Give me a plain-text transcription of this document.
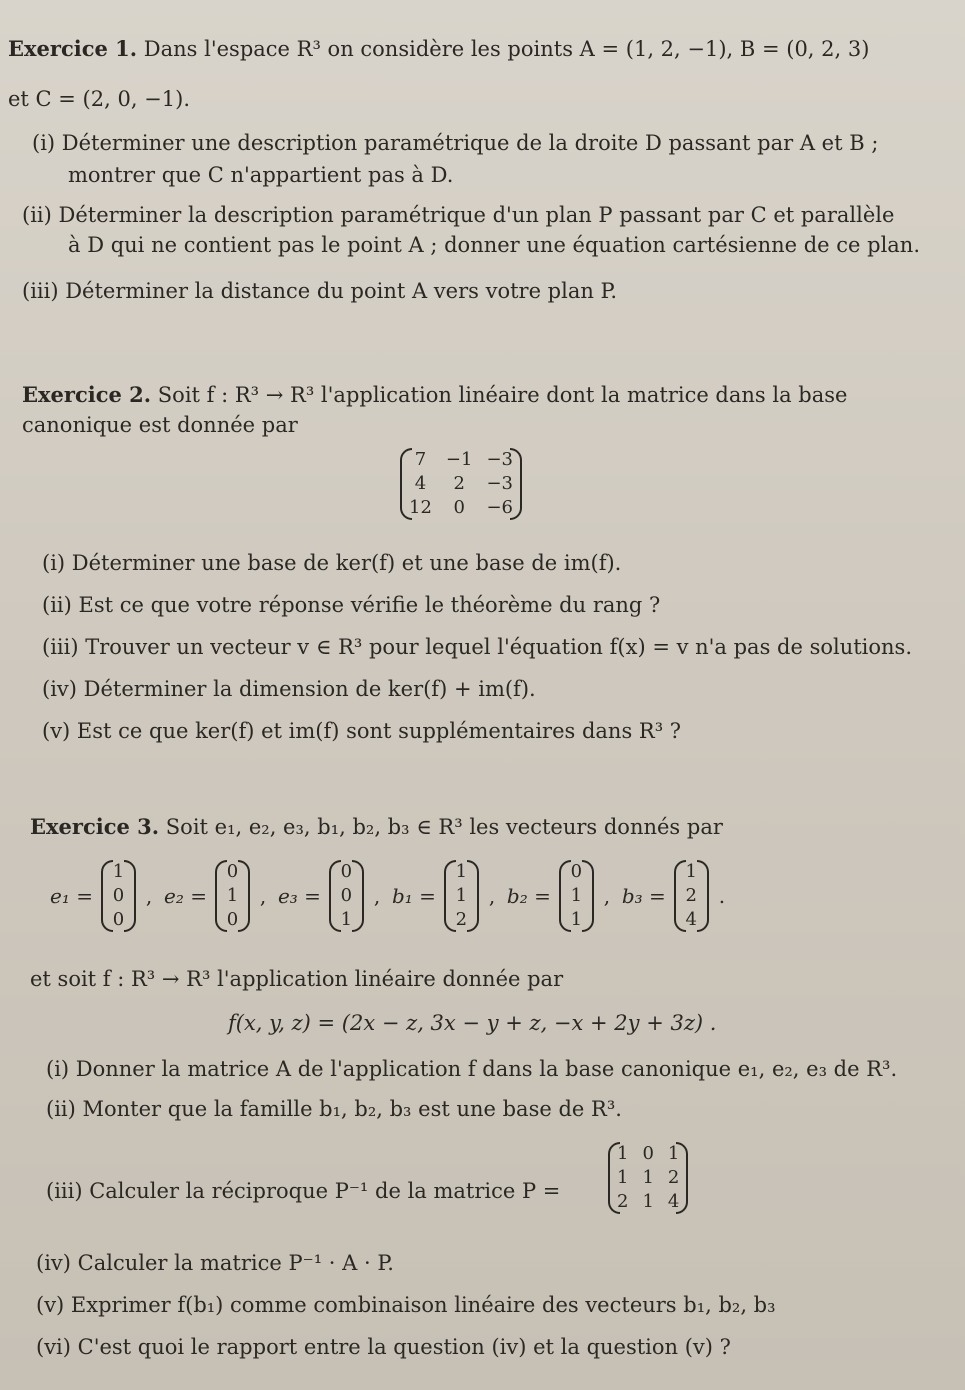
Exercice 1. Dans l'espace R³ on considère les points A = (1, 2, −1), B = (0, 2, 3)
et C = (2, 0, −1).
(i) Déterminer une description paramétrique de la droite D passant par A et B ;
montrer que C n'appartient pas à D.
(ii) Déterminer la description paramétrique d'un plan P passant par C et parallèle
à D qui ne contient pas le point A ; donner une équation cartésienne de ce plan.
(iii) Déterminer la distance du point A vers votre plan P.
Exercice 2. Soit f : R³ → R³ l'application linéaire dont la matrice dans la base
canonique est donnée par
7	−1	−3
4	2	−3
12	0	−6
(i) Déterminer une base de ker(f) et une base de im(f).
(ii) Est ce que votre réponse vérifie le théorème du rang ?
(iii) Trouver un vecteur v ∈ R³ pour lequel l'équation f(x) = v n'a pas de solutions.
(iv) Déterminer la dimension de ker(f) + im(f).
(v) Est ce que ker(f) et im(f) sont supplémentaires dans R³ ?
Exercice 3. Soit e₁, e₂, e₃, b₁, b₂, b₃ ∈ R³ les vecteurs donnés par
e₁ =
1
0
0
, e₂ =
0
1
0
, e₃ =
0
0
1
, b₁ =
1
1
2
, b₂ =
0
1
1
, b₃ =
1
2
4
.
et soit f : R³ → R³ l'application linéaire donnée par
f(x, y, z) = (2x − z, 3x − y + z, −x + 2y + 3z) .
(i) Donner la matrice A de l'application f dans la base canonique e₁, e₂, e₃ de R³.
(ii) Monter que la famille b₁, b₂, b₃ est une base de R³.
(iii) Calculer la réciproque P⁻¹ de la matrice P =
1	0	1
1	1	2
2	1	4
(iv) Calculer la matrice P⁻¹ · A · P.
(v) Exprimer f(b₁) comme combinaison linéaire des vecteurs b₁, b₂, b₃
(vi) C'est quoi le rapport entre la question (iv) et la question (v) ?
